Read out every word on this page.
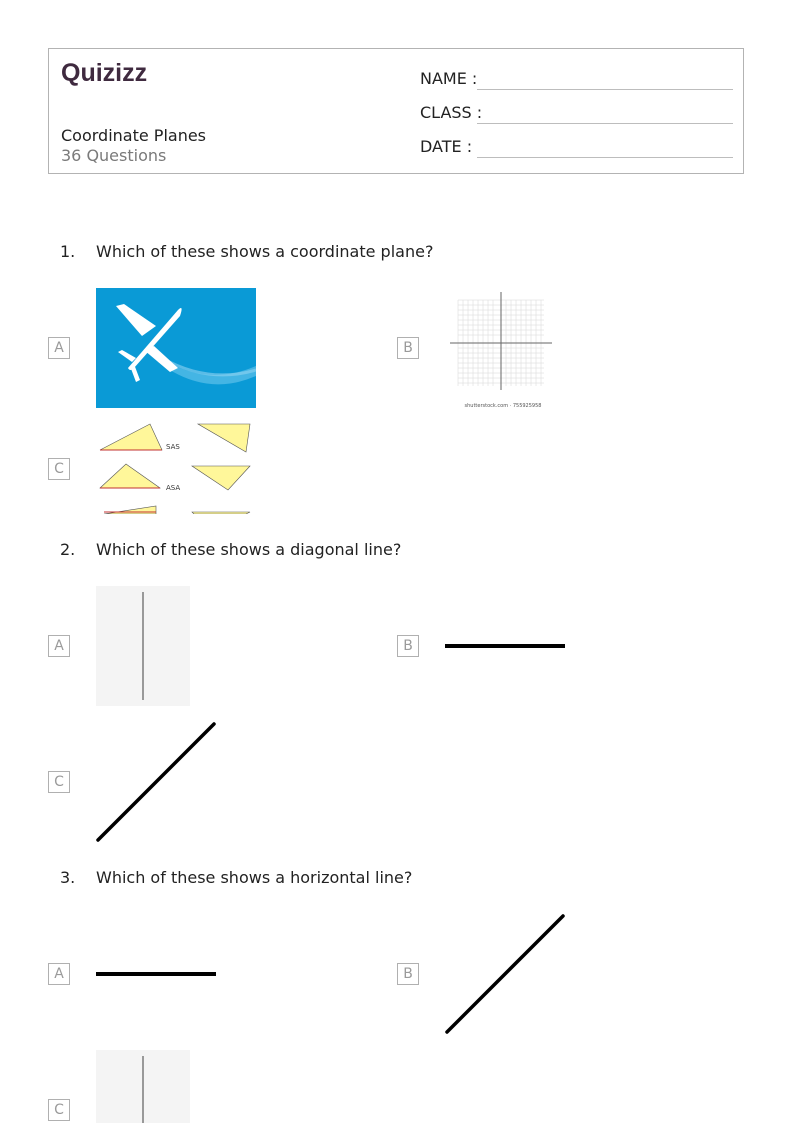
Quizizz
Coordinate Planes
36 Questions
NAME :
CLASS :
DATE :
1. Which of these shows a coordinate plane?
A	B
shutterstock.com · 755925958
C
SAS
ASA
2. Which of these shows a diagonal line?
A	B
C
3. Which of these shows a horizontal line?
A	B
C
